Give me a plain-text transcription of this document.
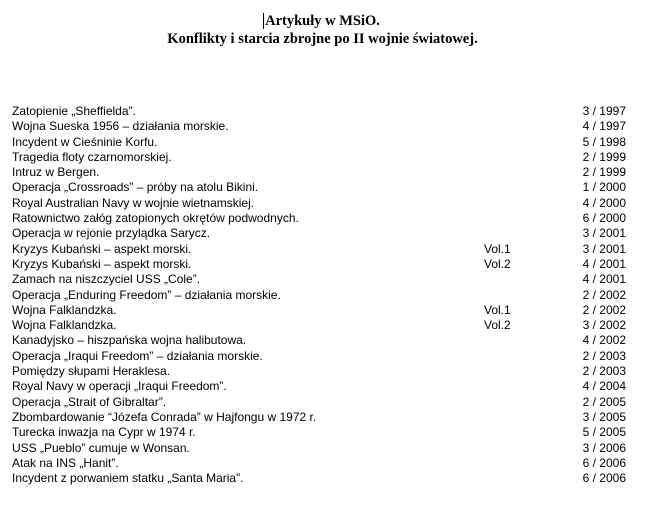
Artykuły w MSiO.
Konflikty i starcia zbrojne po II wojnie światowej.
Zatopienie „Sheffielda”.	3 / 1997
Wojna Sueska 1956 – działania morskie.	4 / 1997
Incydent w Cieśninie Korfu.	5 / 1998
Tragedia floty czarnomorskiej.	2 / 1999
Intruz w Bergen.	2 / 1999
Operacja „Crossroads” – próby na atolu Bikini.	1 / 2000
Royal Australian Navy w wojnie wietnamskiej.	4 / 2000
Ratownictwo załóg zatopionych okrętów podwodnych.	6 / 2000
Operacja w rejonie przylądka Sarycz.	3 / 2001
Kryzys Kubański – aspekt morski.	Vol.1	3 / 2001
Kryzys Kubański – aspekt morski.	Vol.2	4 / 2001
Zamach na niszczyciel USS „Cole”.	4 / 2001
Operacja „Enduring Freedom” – działania morskie.	2 / 2002
Wojna Falklandzka.	Vol.1	2 / 2002
Wojna Falklandzka.	Vol.2	3 / 2002
Kanadyjsko – hiszpańska wojna halibutowa.	4 / 2002
Operacja „Iraqui Freedom” – działania morskie.	2 / 2003
Pomiędzy słupami Heraklesa.	2 / 2003
Royal Navy w operacji „Iraqui Freedom”.	4 / 2004
Operacja „Strait of Gibraltar”.	2 / 2005
Zbombardowanie “Józefa Conrada” w Hajfongu w 1972 r.	3 / 2005
Turecka inwazja na Cypr w 1974 r.	5 / 2005
USS „Pueblo” cumuje w Wonsan.	3 / 2006
Atak na INS „Hanit”.	6 / 2006
Incydent z porwaniem statku „Santa Maria”.	6 / 2006
